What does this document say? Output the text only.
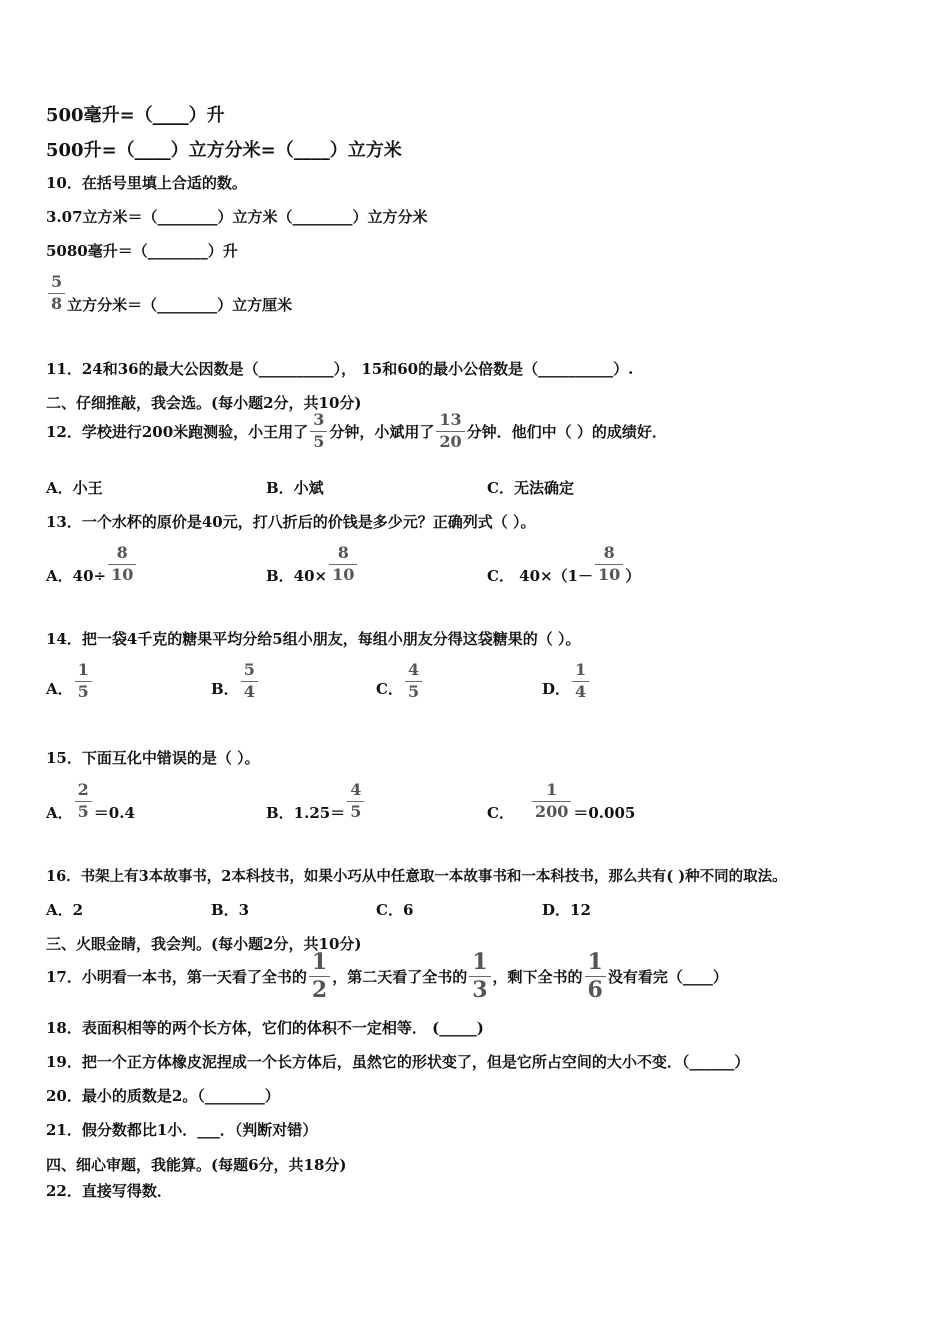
500毫升=（____）升
500升=（____）立方分米=（____）立方米
10．在括号里填上合适的数。
3.07立方米＝（________）立方米（________）立方分米
5080毫升＝（________）升
$\frac{5}{8}$ 立方分米＝（________）立方厘米
11．24和36的最大公因数是（__________）， 15和60的最小公倍数是（__________）.
二、仔细推敲，我会选。(每小题2分，共10分)
12．学校进行200米跑测验，小王用了 $\frac{3}{5}$ 分钟，小斌用了 $\frac{13}{20}$ 分钟．他们中（ ）的成绩好．
A．小王	B．小斌	C．无法确定
13．一个水杯的原价是40元，打八折后的价钱是多少元？正确列式（ ）。
A．$40\div \frac{8}{10}$	B．$40\times \frac{8}{10}$	C． $40\times(1- \frac{8}{10}$ ）
14．把一袋4千克的糖果平均分给5组小朋友，每组小朋友分得这袋糖果的（ ）。
A． $\frac{1}{5}$	B． $\frac{5}{4}$	C． $\frac{4}{5}$	D． $\frac{1}{4}$
15．下面互化中错误的是（ ）。
A． $\frac{2}{5} =0.4$	B．$1.25= \frac{4}{5}$	C． $\frac{1}{200} =0.005$
16．书架上有3本故事书，2本科技书，如果小巧从中任意取一本故事书和一本科技书，那么共有( )种不同的取法。
A．2	B．3	C．6	D．12
三、火眼金睛，我会判。(每小题2分，共10分)
17．小明看一本书，第一天看了全书的 $\frac{1}{2}$ ，第二天看了全书的 $\frac{1}{3}$ ，剩下全书的 $\frac{1}{6}$ 没有看完（____）
18．表面积相等的两个长方体，它们的体积不一定相等． (_____)
19．把一个正方体橡皮泥捏成一个长方体后，虽然它的形状变了，但是它所占空间的大小不变．（______）
20．最小的质数是2。（________）
21．假分数都比1小．___．（判断对错）
四、细心审题，我能算。(每题6分，共18分)
22．直接写得数．
